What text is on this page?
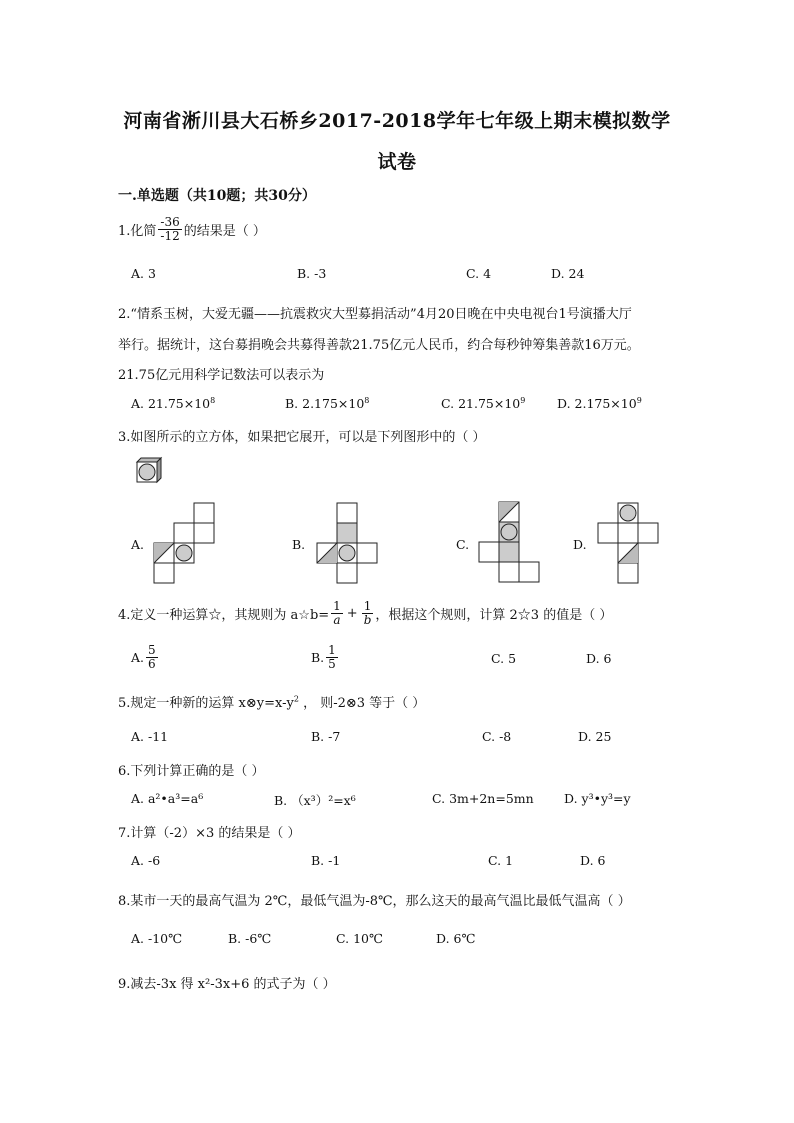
河南省淅川县大石桥乡2017-2018学年七年级上期末模拟数学
试卷
一.单选题（共10题；共30分）
1.化简 $\frac{-36}{-12}$ 的结果是（ ）
A. 3	B. -3	C. 4	D. 24
2.“情系玉树，大爱无疆——抗震救灾大型募捐活动”4月20日晚在中央电视台1号演播大厅
举行。据统计，这台募捐晚会共募得善款21.75亿元人民币，约合每秒钟筹集善款16万元。
21.75亿元用科学记数法可以表示为
A. $21.75\times 10^8$	B. $2.175\times 10^8$	C. $21.75\times 10^9$	D. $2.175\times 10^9$
3.如图所示的立方体，如果把它展开，可以是下列图形中的（ ）
A.	B.	C.	D.
4.定义一种运算☆，其规则为 a☆b= $\frac{1}{a} + \frac{1}{b}$ ，根据这个规则，计算 2☆3 的值是（ ）
A. $\frac{5}{6}$	B. $\frac{1}{5}$	C. 5	D. 6
5.规定一种新的运算 $x\otimes y=x-y^2$ ， 则-2⊗3 等于（ ）
A. -11	B. -7	C. -8	D. 25
6.下列计算正确的是（ ）
A. a²•a³=a⁶	B. （x³）²=x⁶	C. 3m+2n=5mn D. y³•y³=y
7.计算（-2）×3 的结果是（ ）
A. -6	B. -1	C. 1	D. 6
8.某市一天的最高气温为 2℃，最低气温为-8℃，那么这天的最高气温比最低气温高（ ）
A. -10℃	B. -6℃	C. 10℃	D. 6℃
9.减去-3x 得 x²-3x+6 的式子为（ ）
